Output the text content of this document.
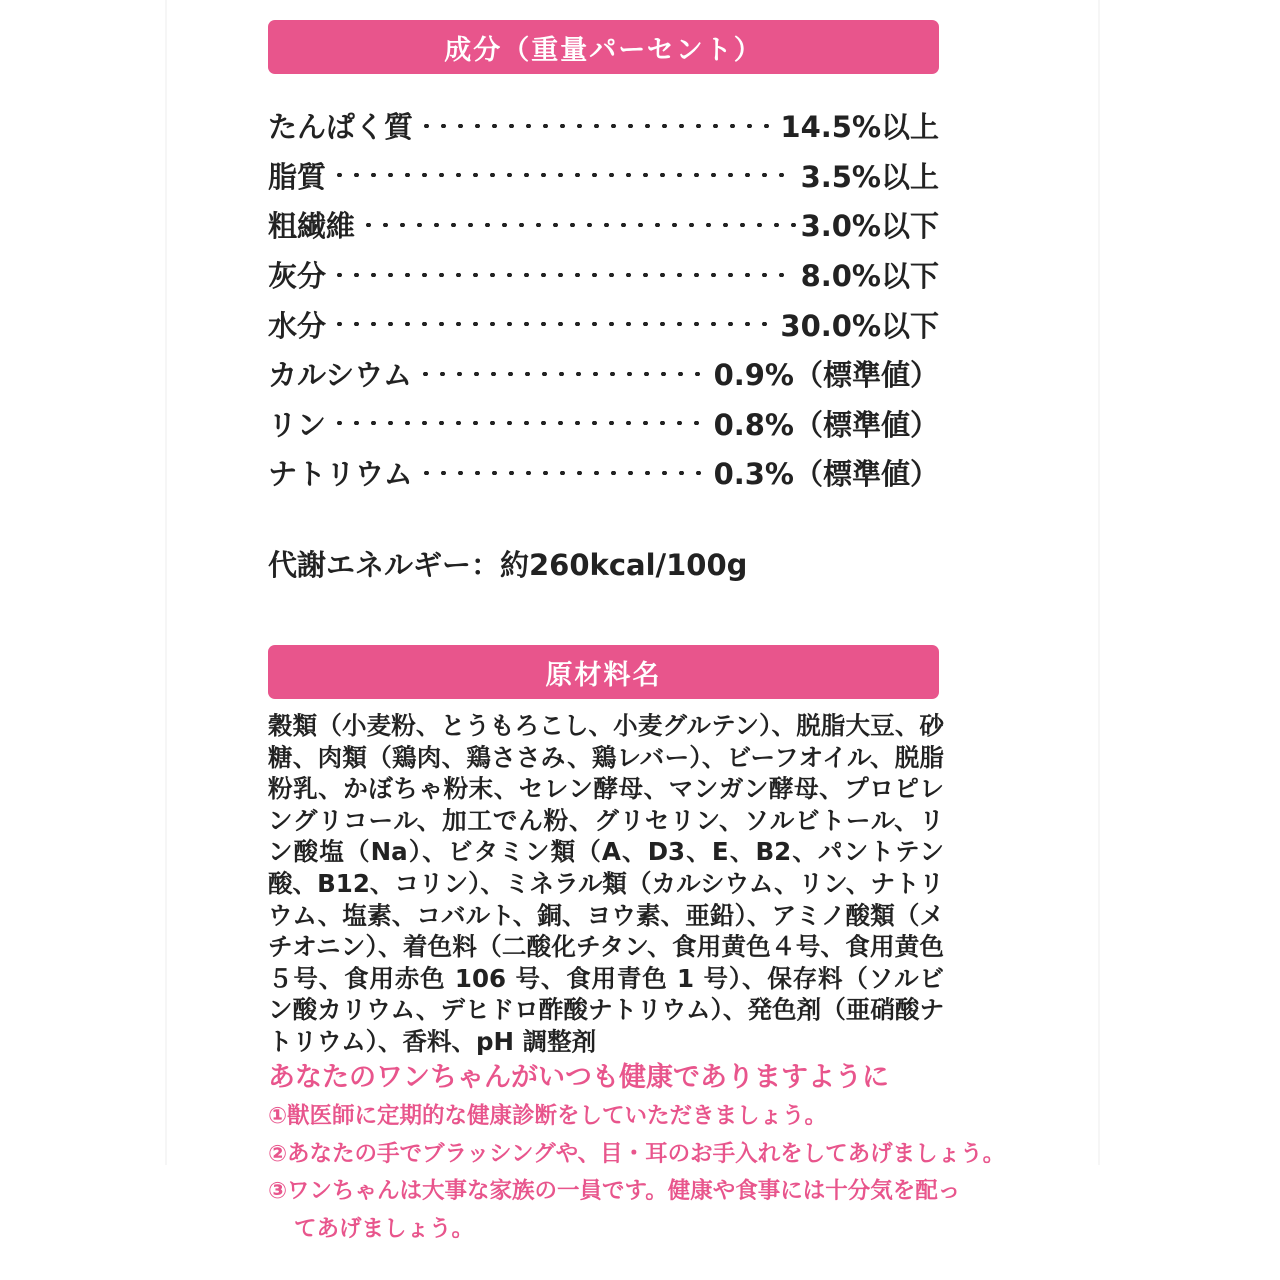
成分（重量パーセント）
たんぱく質	14.5%以上
脂質	3.5%以上
粗繊維	3.0%以下
灰分	8.0%以下
水分	30.0%以下
カルシウム	0.9%（標準値）
リン	0.8%（標準値）
ナトリウム	0.3%（標準値）
代謝エネルギー：約260kcal/100g
原材料名
穀類（小麦粉、とうもろこし、小麦グルテン）、脱脂大豆、砂糖、肉類（鶏肉、鶏ささみ、鶏レバー）、ビーフオイル、脱脂粉乳、かぼちゃ粉末、セレン酵母、マンガン酵母、プロピレングリコール、加工でん粉、グリセリン、ソルビトール、リン酸塩（Na）、ビタミン類（A、D3、E、B2、パントテン酸、B12、コリン）、ミネラル類（カルシウム、リン、ナトリウム、塩素、コバルト、銅、ヨウ素、亜鉛）、アミノ酸類（メチオニン）、着色料（二酸化チタン、食用黄色４号、食用黄色５号、食用赤色 106 号、食用青色 1 号）、保存料（ソルビン酸カリウム、デヒドロ酢酸ナトリウム）、発色剤（亜硝酸ナトリウム）、香料、pH 調整剤
あなたのワンちゃんがいつも健康でありますように
①獣医師に定期的な健康診断をしていただきましょう。
②あなたの手でブラッシングや、目・耳のお手入れをしてあげましょう。
③ワンちゃんは大事な家族の一員です。健康や食事には十分気を配ってあげましょう。
